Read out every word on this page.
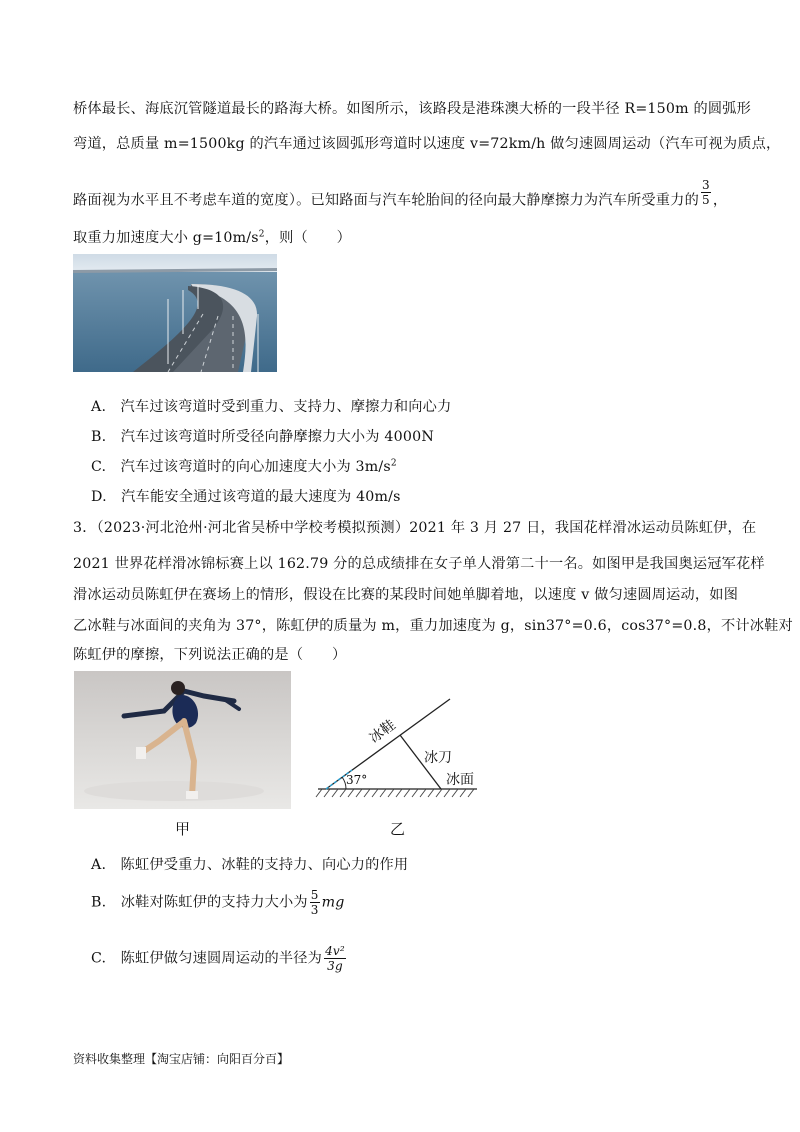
桥体最长、海底沉管隧道最长的路海大桥。如图所示，该路段是港珠澳大桥的一段半径 R=150m 的圆弧形
弯道，总质量 m=1500kg 的汽车通过该圆弧形弯道时以速度 v=72km/h 做匀速圆周运动（汽车可视为质点，
路面视为水平且不考虑车道的宽度）。已知路面与汽车轮胎间的径向最大静摩擦力为汽车所受重力的 $\frac{3}{5}$ ，
取重力加速度大小 $g=10m/s^2$，则（　　）
A.　汽车过该弯道时受到重力、支持力、摩擦力和向心力
B.　汽车过该弯道时所受径向静摩擦力大小为 4000N
C.　汽车过该弯道时的向心加速度大小为 $3m/s^2$
D.　汽车能安全通过该弯道的最大速度为 40m/s
3．（2023·河北沧州·河北省吴桥中学校考模拟预测）2021 年 3 月 27 日，我国花样滑冰运动员陈虹伊，在
2021 世界花样滑冰锦标赛上以 162.79 分的总成绩排在女子单人滑第二十一名。如图甲是我国奥运冠军花样
滑冰运动员陈虹伊在赛场上的情形，假设在比赛的某段时间她单脚着地，以速度 v 做匀速圆周运动，如图
乙冰鞋与冰面间的夹角为 37°，陈虹伊的质量为 m，重力加速度为 g，sin37°=0.6，cos37°=0.8，不计冰鞋对
陈虹伊的摩擦，下列说法正确的是（　　）
冰鞋
冰刀
冰面
37°
甲	乙
A.　陈虹伊受重力、冰鞋的支持力、向心力的作用
B.　冰鞋对陈虹伊的支持力大小为 $\frac{5}{3}$ mg
C.　陈虹伊做匀速圆周运动的半径为 $\frac{\text{4v²}}{3g}$
资料收集整理【淘宝店铺：向阳百分百】
